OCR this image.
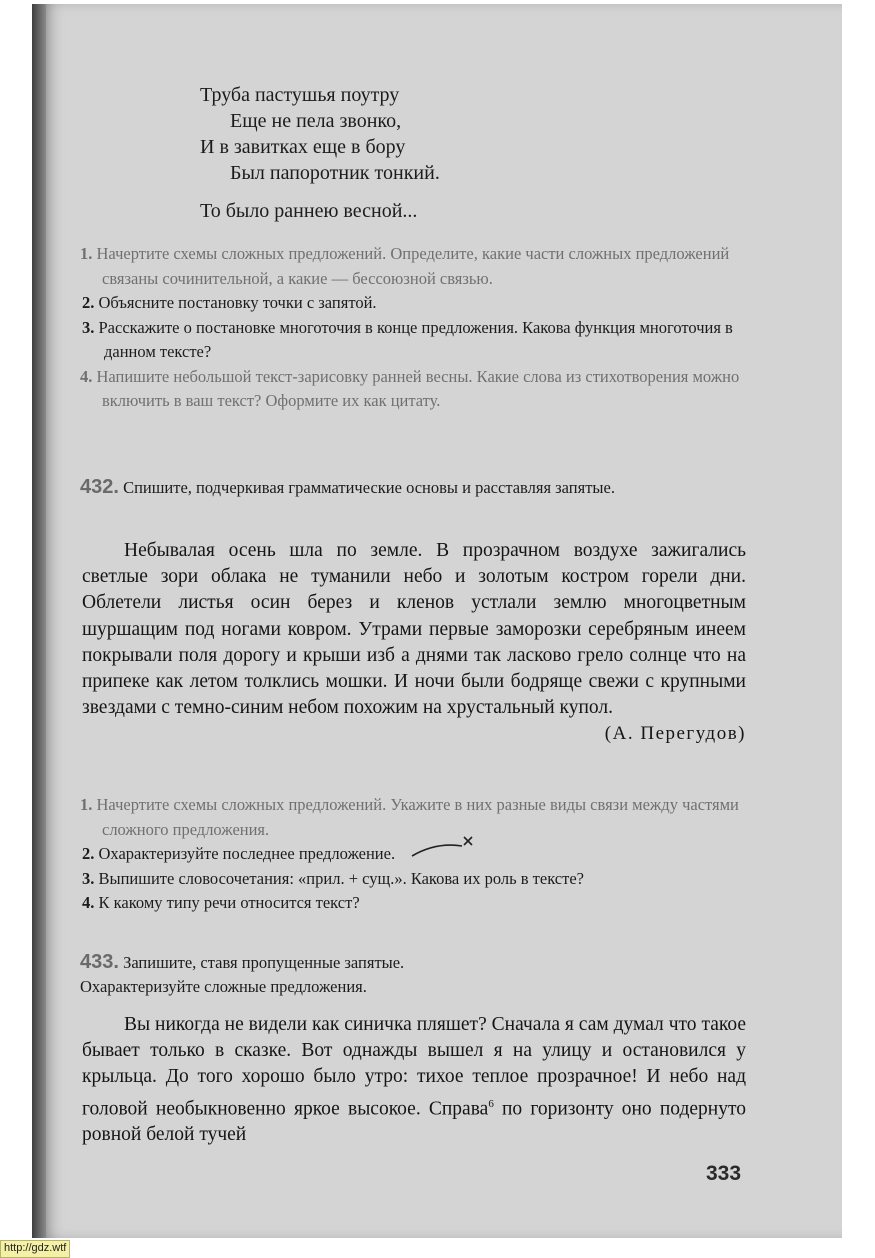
Труба пастушья поутру
Еще не пела звонко,
И в завитках еще в бору
Был папоротник тонкий.
То было раннею весной...
1. Начертите схемы сложных предложений. Определите, какие части сложных предложений связаны сочинительной, а какие — бессоюзной связью.
2. Объясните постановку точки с запятой.
3. Расскажите о постановке многоточия в конце предложения. Какова функция многоточия в данном тексте?
4. Напишите небольшой текст-зарисовку ранней весны. Какие слова из стихотворения можно включить в ваш текст? Оформите их как цитату.
432. Спишите, подчеркивая грамматические основы и расставляя запятые.

Небывалая осень шла по земле. В прозрачном воздухе зажигались светлые зори облака не туманили небо и золотым костром горели дни. Облетели листья осин берез и кленов устлали землю многоцветным шуршащим под ногами ковром. Утрами первые заморозки серебряным инеем покрывали поля дорогу и крыши изб а днями так ласково грело солнце что на припеке как летом толклись мошки. И ночи были бодряще свежи с крупными звездами с темно-синим небом похожим на хрустальный купол.

(А. Перегудов)
1. Начертите схемы сложных предложений. Укажите в них разные виды связи между частями сложного предложения.
2. Охарактеризуйте последнее предложение.
3. Выпишите словосочетания: «прил. + сущ.». Какова их роль в тексте?
4. К какому типу речи относится текст?
433. Запишите, ставя пропущенные запятые.
Охарактеризуйте сложные предложения.

Вы никогда не видели как синичка пляшет? Сначала я сам думал что такое бывает только в сказке. Вот однажды вышел я на улицу и остановился у крыльца. До того хорошо было утро: тихое теплое прозрачное! И небо над головой необыкновенно яркое высокое. Справа$^6$ по горизонту оно подернуто ровной белой тучей

333
http://gdz.wtf
